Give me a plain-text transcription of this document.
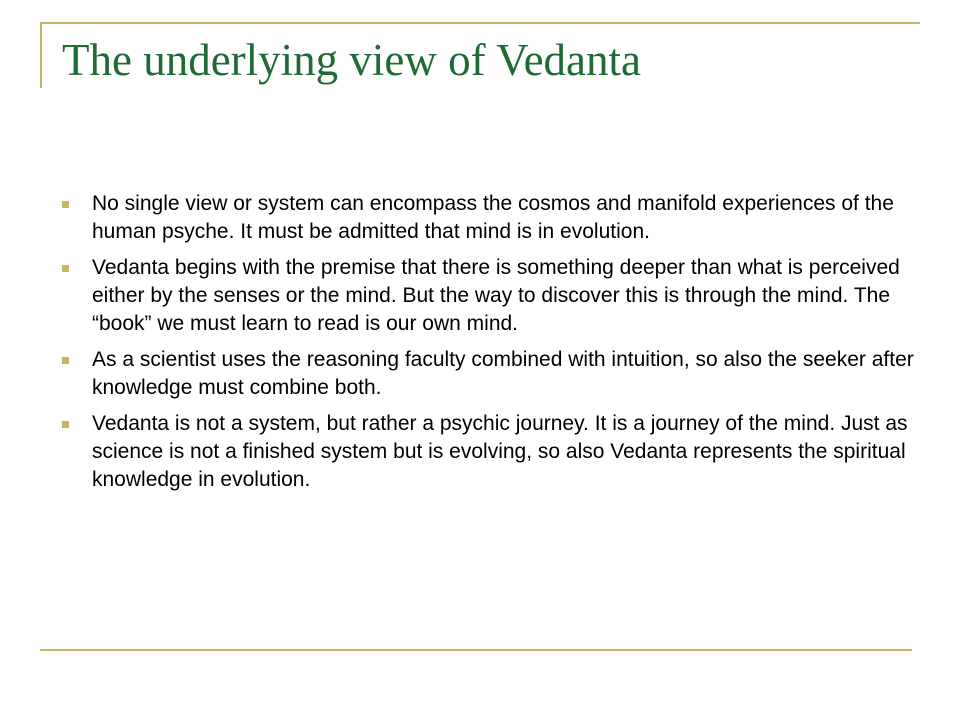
The underlying view of Vedanta
No single view or system can encompass the cosmos and manifold experiences of the human psyche. It must be admitted that mind is in evolution.
Vedanta begins with the premise that there is something deeper than what is perceived either by the senses or the mind. But the way to discover this is through the mind. The “book” we must learn to read is our own mind.
As a scientist uses the reasoning faculty combined with intuition, so also the seeker after knowledge must combine both.
Vedanta is not a system, but rather a psychic journey. It is a journey of the mind. Just as science is not a finished system but is evolving, so also Vedanta represents the spiritual knowledge in evolution.
